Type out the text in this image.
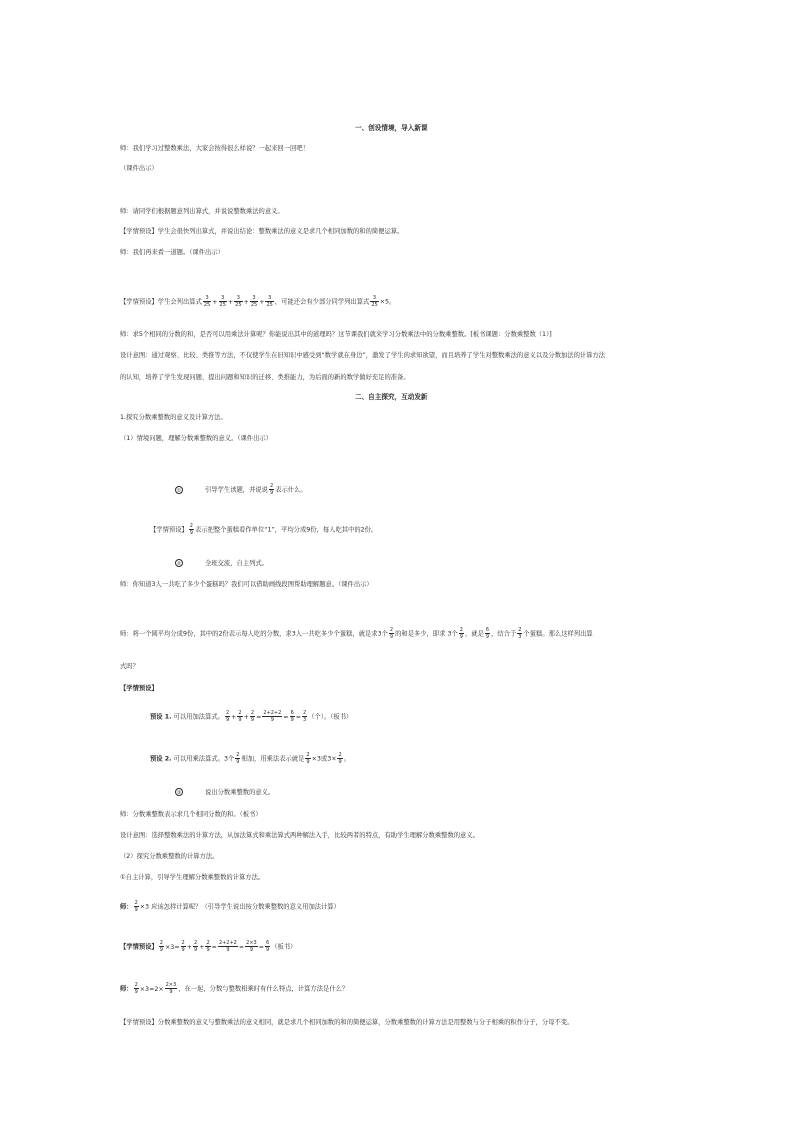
一、创设情境，导入新课
师：我们学习过整数乘法，大家会按得很么样说？一起来回一回吧！
（课件出示）
师：请同学们根据题意列出算式，并说说整数乘法的意义。
【学情预设】学生会很快列出算式，并说出结论：整数乘法的意义是求几个相同加数的和的简便运算。
师：我们再来看一道题。（课件出示）
【学情预设】学生会列出算式 $\frac{3}{25} + \frac{3}{25} + \frac{3}{25} + \frac{3}{25} + \frac{3}{25}$ ，可能还会有少部分同学列出算式 $\frac{3}{25} \times 5$。
师：求5个相同的分数的和，是否可以用乘法计算呢？你能说出其中的道理吗？这节课我们就来学习分数乘法中的分数乘整数。[板书课题：分数乘整数（1）]
设计意图：通过观察、比较、类推等方法，不仅使学生在旧知识中感受到“数学就在身边”，激发了学生的求知欲望，而且培养了学生对整数乘法的意义以及分数加法的计算方法
的认知，培养了学生发现问题、提出问题和知识的迁移、类推能力，为后面的新的数学做好充足的准备。
二、自主探究，互动发新
1.探究分数乘整数的意义及计算方法。
（1）情境问题，理解分数乘整数的意义。（课件出示）
①	引导学生读题，并说说 $\frac{2}{9}$ 表示什么。
【学情预设】 $\frac{2}{9}$ 表示把整个蛋糕看作单位“1”，平均分成9份，每人吃其中的2份。
②	全班交流，自主列式。
师：你知道3人一共吃了多少个蛋糕吗？我们可以借助画线段图帮助理解题意。（课件出示）
师：将一个圆平均分成9份，其中的2份表示每人吃的分数，求3人一共吃多少个蛋糕，就是求3个 $\frac{2}{9}$ 的和是多少，即求 3个 $\frac{2}{9}$ ，就是 $\frac{6}{9}$ ，结合于 $\frac{2}{3}$ 个蛋糕。那么这样列出算
式吗？
【学情预设】
预设 1. 可以用加法算式。 $\frac{2}{9} + \frac{2}{9} + \frac{2}{9} = \frac{2+2+2}{9} = \frac{6}{9} = \frac{2}{3}$ （个）。（板书）
预设 2. 可以用乘法算式。3个 $\frac{2}{9}$ 相加，用乘法表示就是 $\frac{2}{9} \times 3$或$3\times \frac{2}{9}$ 。
③	说出分数乘整数的意义。
师：分数乘整数表示求几个相同分数的和。（板书）
设计意图：选择整数乘法的计算方法，从加法算式和乘法算式两种解法入手，比较两者的特点，有助学生理解分数乘整数的意义。
（2）探究分数乘整数的计算方法。
①自主计算，引导学生理解分数乘整数的计算方法。
师： $\frac{2}{9} \times 3$ 应该怎样计算呢？（引导学生说出按分数乘整数的意义用加法计算）
【学情预设】 $\frac{2}{9} \times 3= \frac{2}{9} + \frac{2}{9} + \frac{2}{9} = \frac{2+2+2}{9} = \frac{2\times 3}{9} = \frac{6}{9}$ （板书）
师： $\frac{2}{9} \times 3=2\times \frac{2\times 3}{9}$ ，在一起，分数与整数相乘时有什么特点，计算方法是什么？
【学情预设】分数乘整数的意义与整数乘法的意义相同，就是求几个相同加数的和的简便运算，分数乘整数的计算方法是用整数与分子相乘的积作分子，分母不变。
